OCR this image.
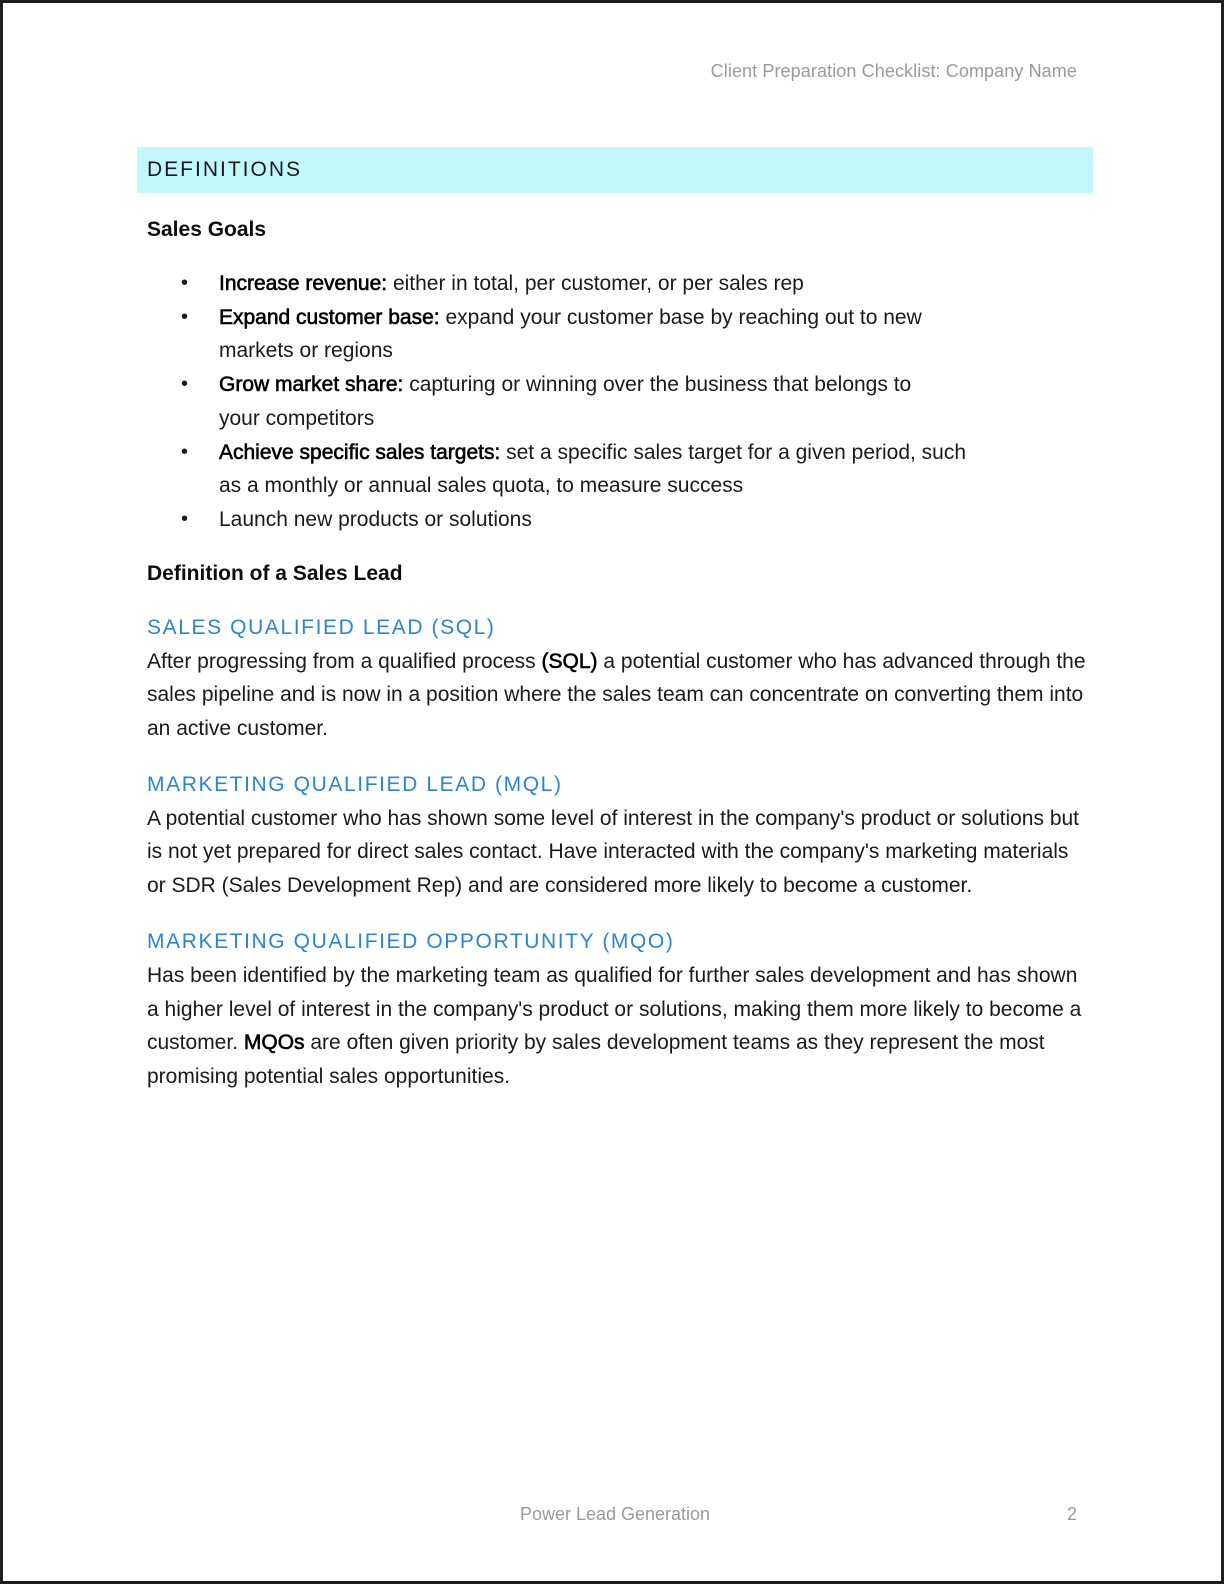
Client Preparation Checklist: Company Name
DEFINITIONS

Sales Goals

• Increase revenue: either in total, per customer, or per sales rep
• Expand customer base: expand your customer base by reaching out to new markets or regions
• Grow market share: capturing or winning over the business that belongs to your competitors
• Achieve specific sales targets: set a specific sales target for a given period, such as a monthly or annual sales quota, to measure success
• Launch new products or solutions

Definition of a Sales Lead

SALES QUALIFIED LEAD (SQL)

After progressing from a qualified process (SQL) a potential customer who has advanced through the sales pipeline and is now in a position where the sales team can concentrate on converting them into an active customer.

MARKETING QUALIFIED LEAD (MQL)

A potential customer who has shown some level of interest in the company's product or solutions but is not yet prepared for direct sales contact. Have interacted with the company's marketing materials or SDR (Sales Development Rep) and are considered more likely to become a customer.

MARKETING QUALIFIED OPPORTUNITY (MQO)

Has been identified by the marketing team as qualified for further sales development and has shown a higher level of interest in the company's product or solutions, making them more likely to become a customer. MQOs are often given priority by sales development teams as they represent the most promising potential sales opportunities.

Power Lead Generation	2
